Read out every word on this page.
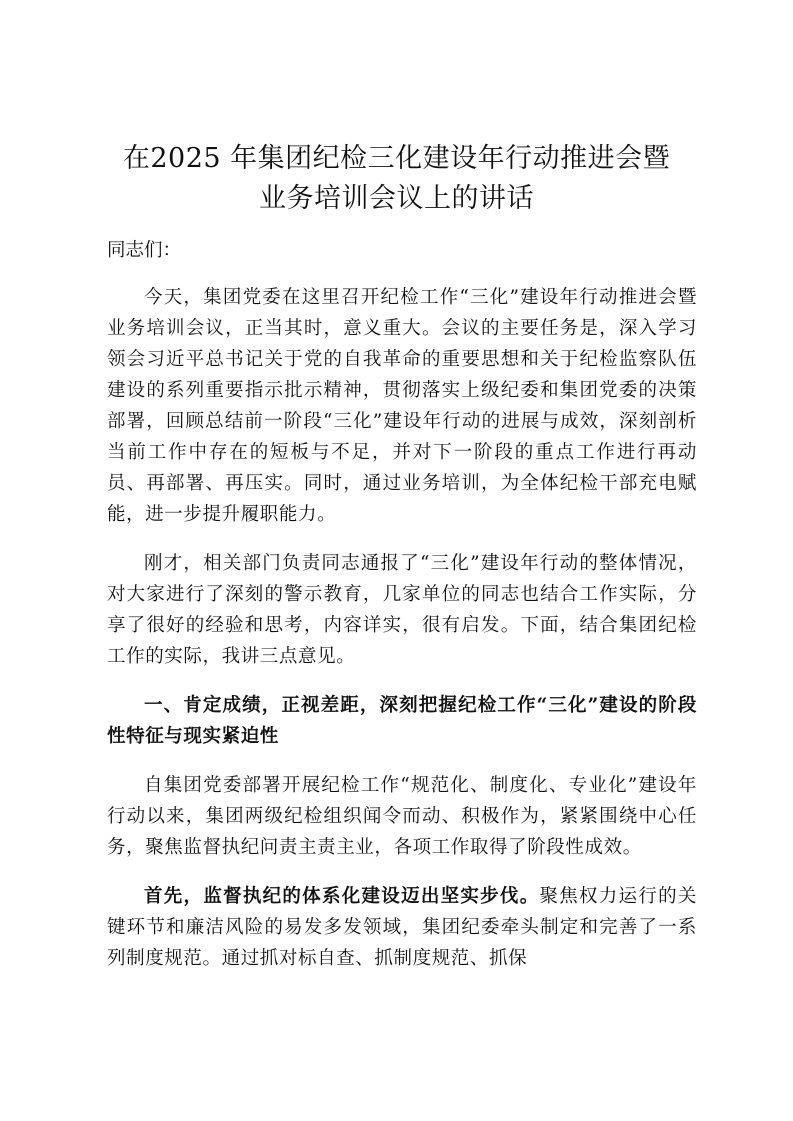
在2025 年集团纪检三化建设年行动推进会暨
业务培训会议上的讲话

同志们：

今天，集团党委在这里召开纪检工作“三化”建设年行动推进会暨业务培训会议，正当其时，意义重大。会议的主要任务是，深入学习领会习近平总书记关于党的自我革命的重要思想和关于纪检监察队伍建设的系列重要指示批示精神，贯彻落实上级纪委和集团党委的决策部署，回顾总结前一阶段“三化”建设年行动的进展与成效，深刻剖析当前工作中存在的短板与不足，并对下一阶段的重点工作进行再动员、再部署、再压实。同时，通过业务培训，为全体纪检干部充电赋能，进一步提升履职能力。

刚才，相关部门负责同志通报了“三化”建设年行动的整体情况，对大家进行了深刻的警示教育，几家单位的同志也结合工作实际，分享了很好的经验和思考，内容详实，很有启发。下面，结合集团纪检工作的实际，我讲三点意见。

一、肯定成绩，正视差距，深刻把握纪检工作“三化”建设的阶段性特征与现实紧迫性

自集团党委部署开展纪检工作“规范化、制度化、专业化”建设年行动以来，集团两级纪检组织闻令而动、积极作为，紧紧围绕中心任务，聚焦监督执纪问责主责主业，各项工作取得了阶段性成效。

首先，监督执纪的体系化建设迈出坚实步伐。聚焦权力运行的关键环节和廉洁风险的易发多发领域，集团纪委牵头制定和完善了一系列制度规范。通过抓对标自查、抓制度规范、抓保
